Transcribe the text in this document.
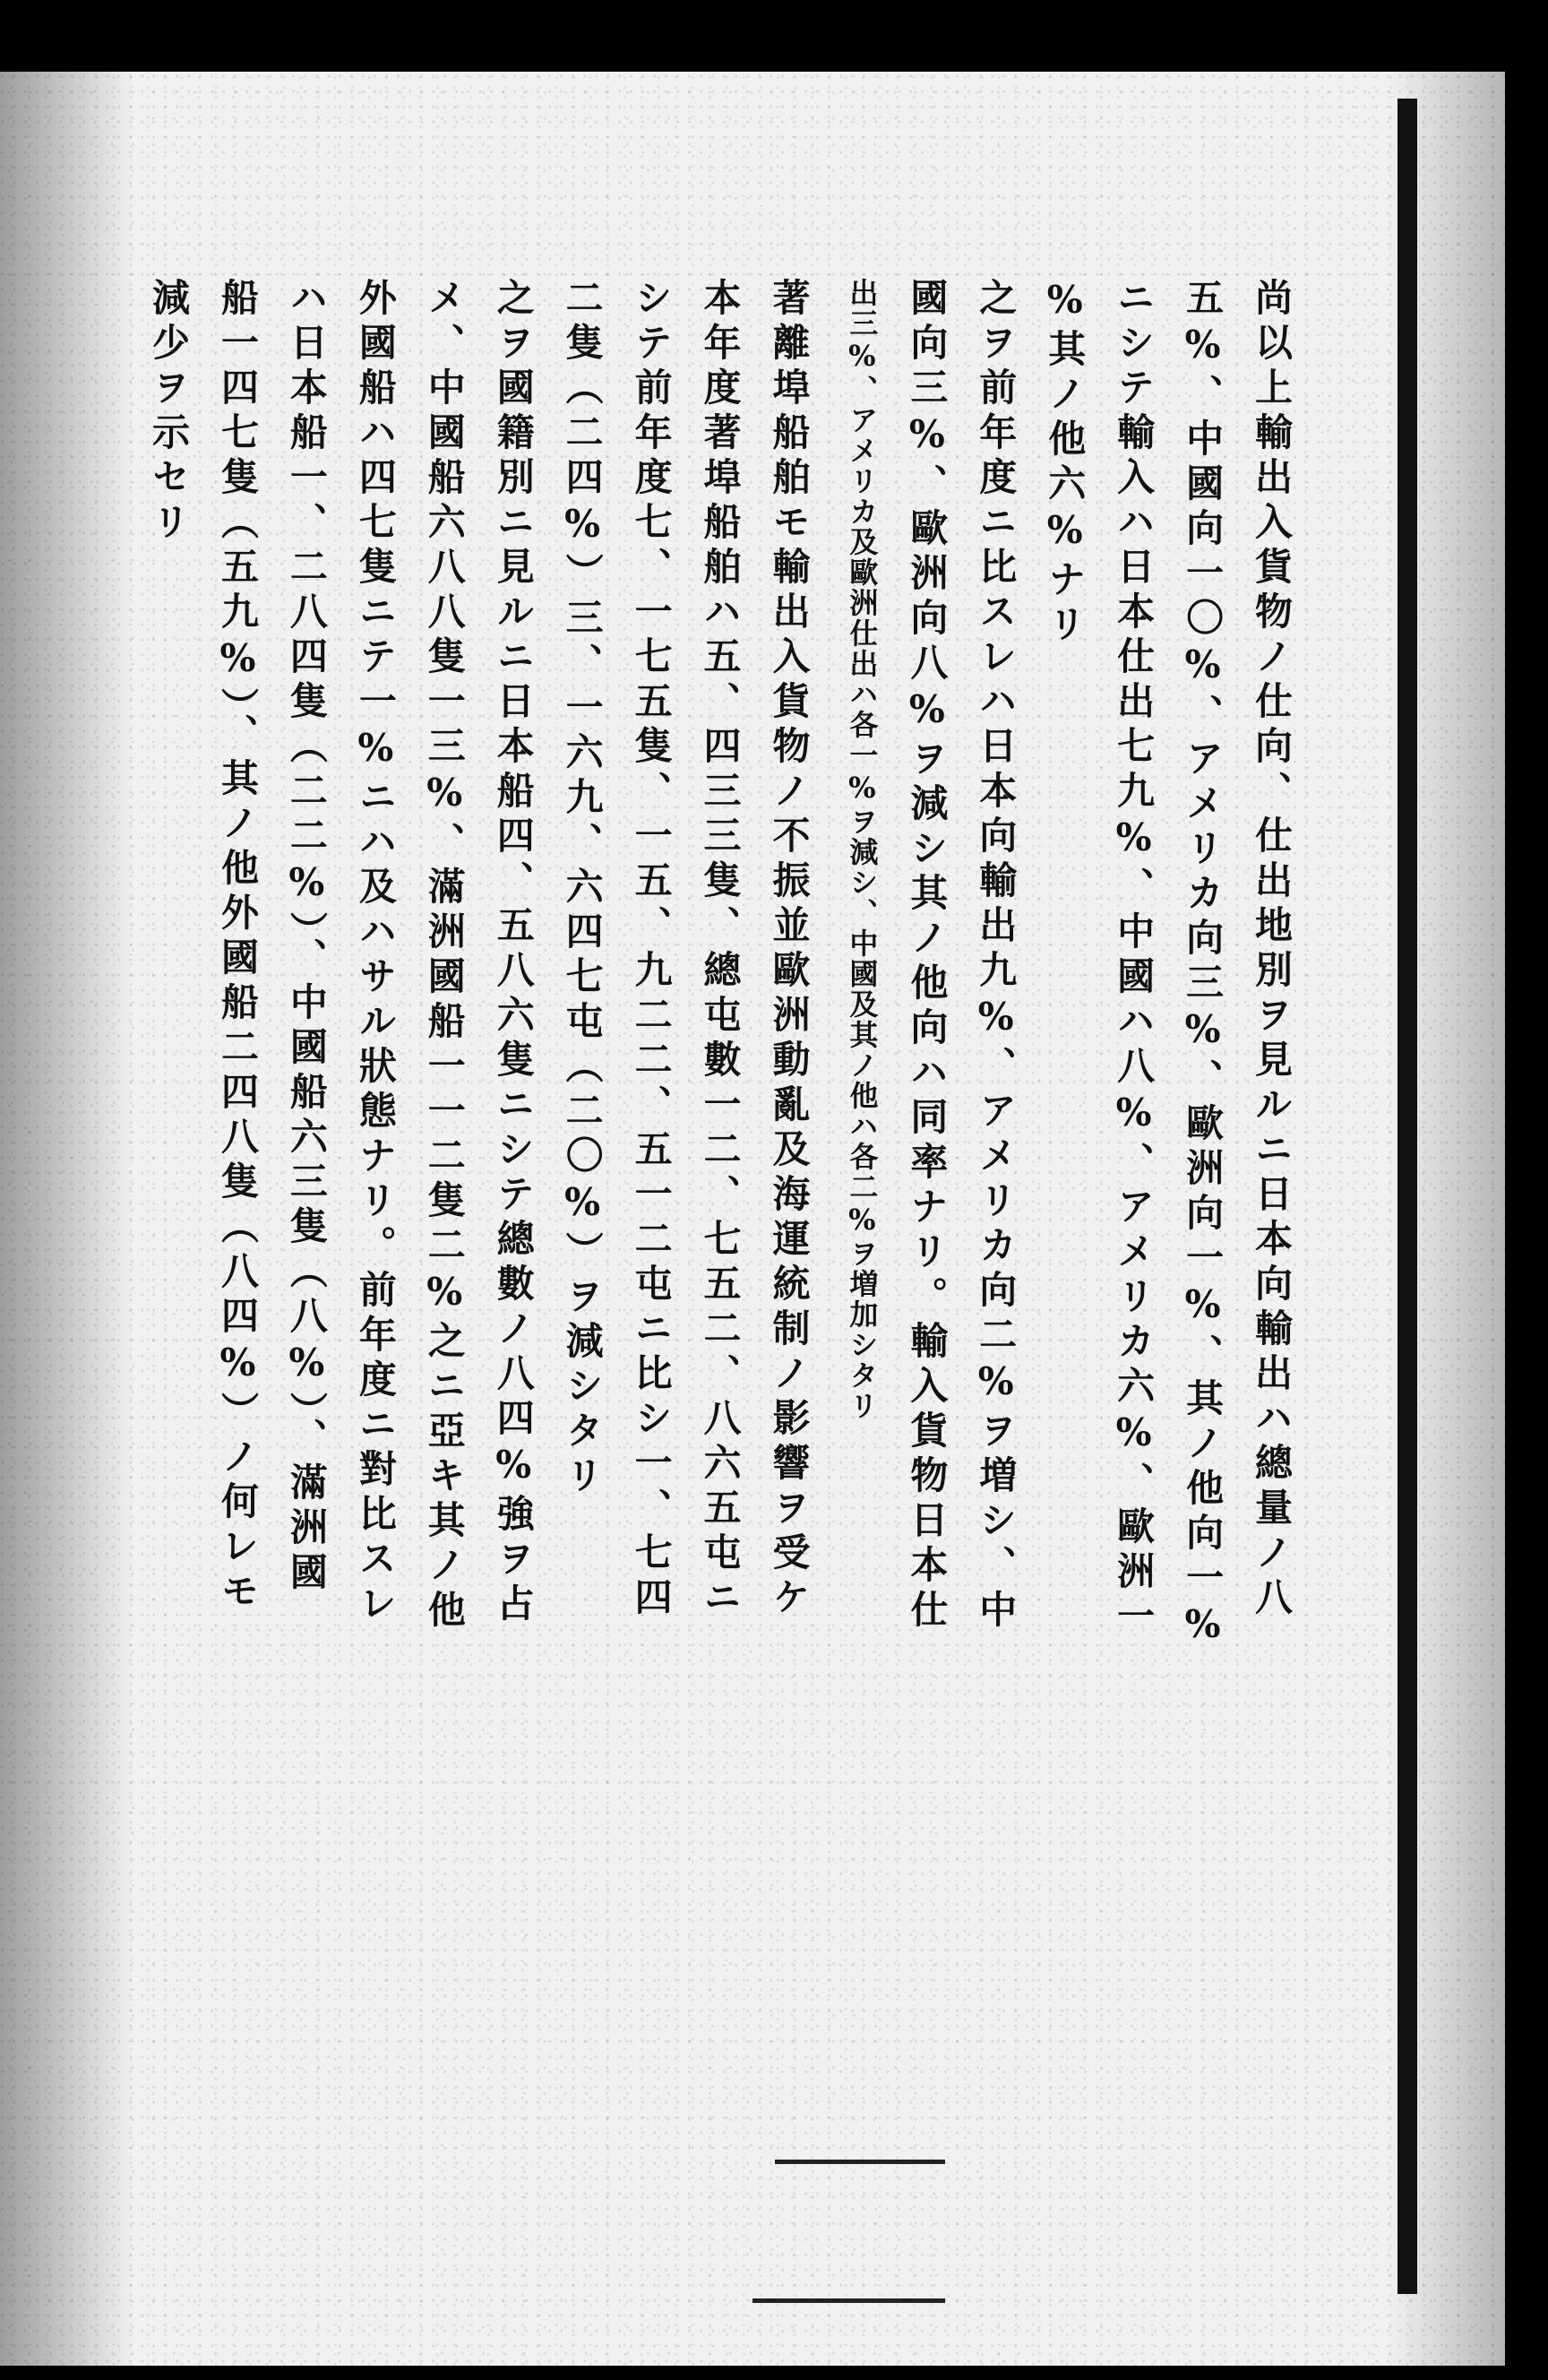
尚以上輸出入貨物ノ仕向、仕出地別ヲ見ルニ日本向輸出ハ總量ノ八
五%、中國向一〇%、アメリカ向三%、歐洲向一%、其ノ他向一%
ニシテ輸入ハ日本仕出七九%、中國ハ八%、アメリカ六%、歐洲一
%其ノ他六%ナリ
之ヲ前年度ニ比スレハ日本向輸出九%、アメリカ向二%ヲ増シ、中
國向三%、歐洲向八%ヲ減シ其ノ他向ハ同率ナリ。輸入貨物日本仕
出三%、アメリカ及歐洲仕出ハ各一%ヲ減シ、中國及其ノ他ハ各二%ヲ増加シタリ
著離埠船舶モ輸出入貨物ノ不振並歐洲動亂及海運統制ノ影響ヲ受ケ
本年度著埠船舶ハ五、四三三隻、總屯數一二、七五二、八六五屯ニ
シテ前年度七、一七五隻、一五、九二二、五一二屯ニ比シ一、七四
二隻（二四%）三、一六九、六四七屯（二〇%）ヲ減シタリ
之ヲ國籍別ニ見ルニ日本船四、五八六隻ニシテ總數ノ八四%強ヲ占
メ、中國船六八八隻一三%、滿洲國船一一二隻二%之ニ亞キ其ノ他
外國船ハ四七隻ニテ一%ニハ及ハサル狀態ナリ。前年度ニ對比スレ
ハ日本船一、二八四隻（二二%）、中國船六三隻（八%）、滿洲國
船一四七隻（五九%）、其ノ他外國船二四八隻（八四%）ノ何レモ
減少ヲ示セリ
